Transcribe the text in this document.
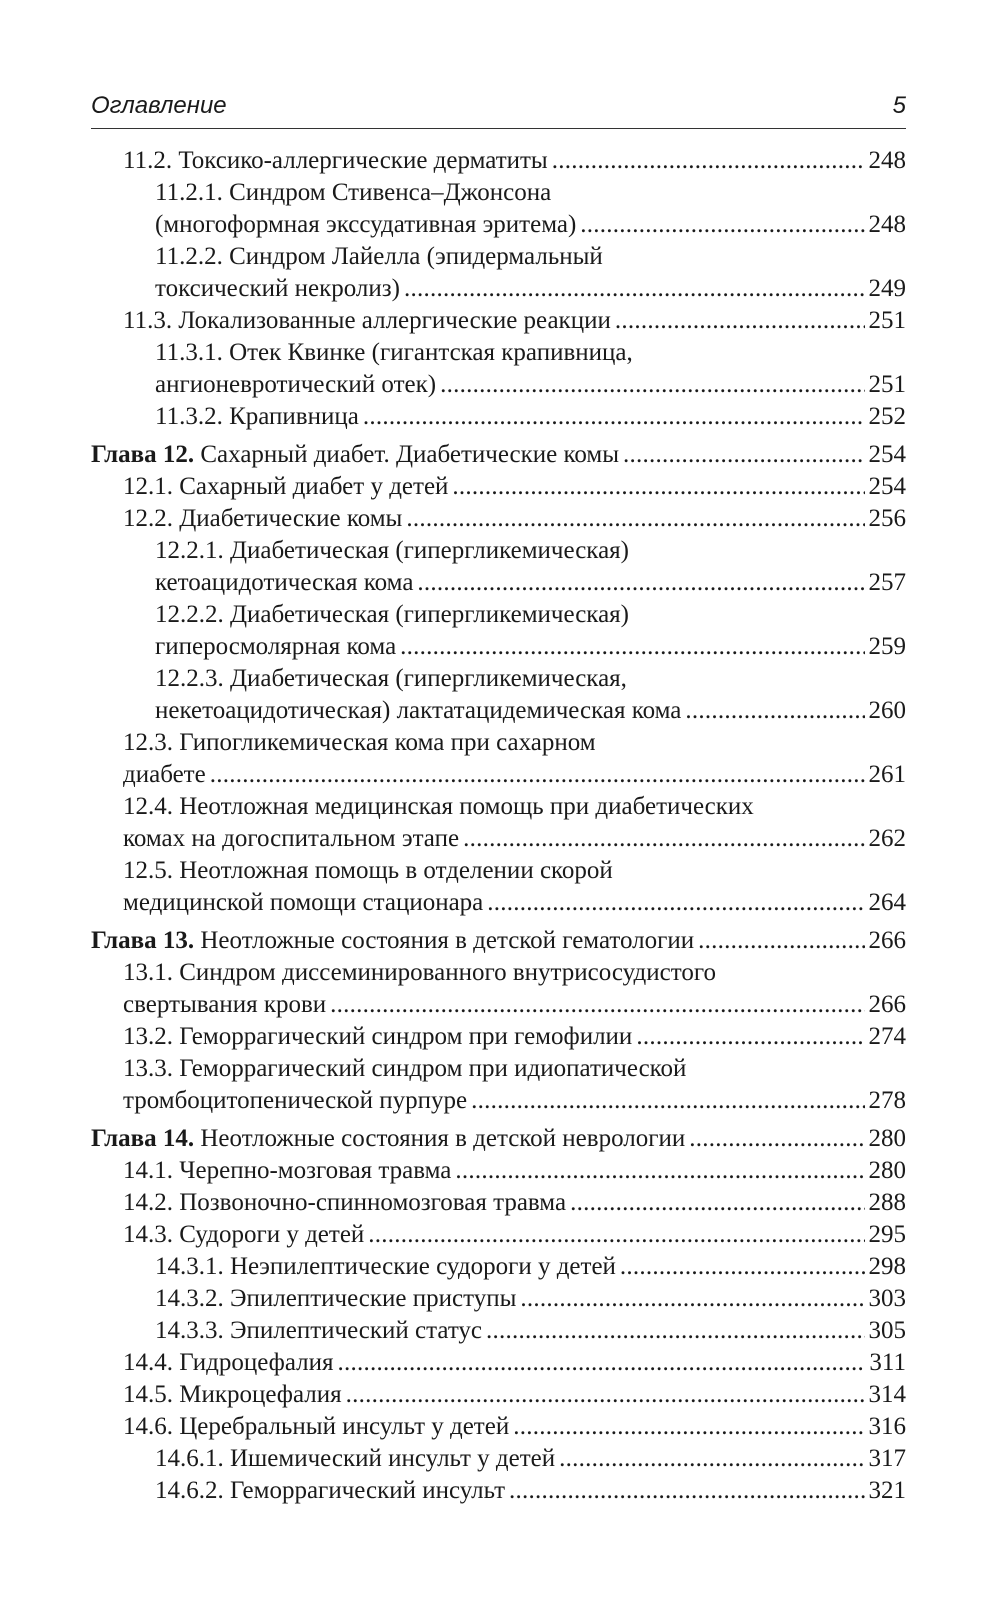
Оглавление	5
11.2. Токсико-аллергические дерматиты . . .	248
11.2.1. Синдром Стивенса–Джонсона
(многоформная экссудативная эритема) . . .	248
11.2.2. Синдром Лайелла (эпидермальный
токсический некролиз) . . .	249
11.3. Локализованные аллергические реакции . . .	251
11.3.1. Отек Квинке (гигантская крапивница,
ангионевротический отек) . . .	251
11.3.2. Крапивница . . .	252
Глава 12. Сахарный диабет. Диабетические комы . . .	254
12.1. Сахарный диабет у детей . . .	254
12.2. Диабетические комы . . .	256
12.2.1. Диабетическая (гипергликемическая)
кетоацидотическая кома . . .	257
12.2.2. Диабетическая (гипергликемическая)
гиперосмолярная кома . . .	259
12.2.3. Диабетическая (гипергликемическая,
некетоацидотическая) лактатацидемическая кома . . .	260
12.3. Гипогликемическая кома при сахарном
диабете . . .	261
12.4. Неотложная медицинская помощь при диабетических
комах на догоспитальном этапе . . .	262
12.5. Неотложная помощь в отделении скорой
медицинской помощи стационара . . .	264
Глава 13. Неотложные состояния в детской гематологии . . .	266
13.1. Синдром диссеминированного внутрисосудистого
свертывания крови . . .	266
13.2. Геморрагический синдром при гемофилии . . .	274
13.3. Геморрагический синдром при идиопатической
тромбоцитопенической пурпуре . . .	278
Глава 14. Неотложные состояния в детской неврологии . . .	280
14.1. Черепно-мозговая травма . . .	280
14.2. Позвоночно-спинномозговая травма . . .	288
14.3. Судороги у детей . . .	295
14.3.1. Неэпилептические судороги у детей . . .	298
14.3.2. Эпилептические приступы . . .	303
14.3.3. Эпилептический статус . . .	305
14.4. Гидроцефалия . . .	311
14.5. Микроцефалия . . .	314
14.6. Церебральный инсульт у детей . . .	316
14.6.1. Ишемический инсульт у детей . . .	317
14.6.2. Геморрагический инсульт . . .	321
